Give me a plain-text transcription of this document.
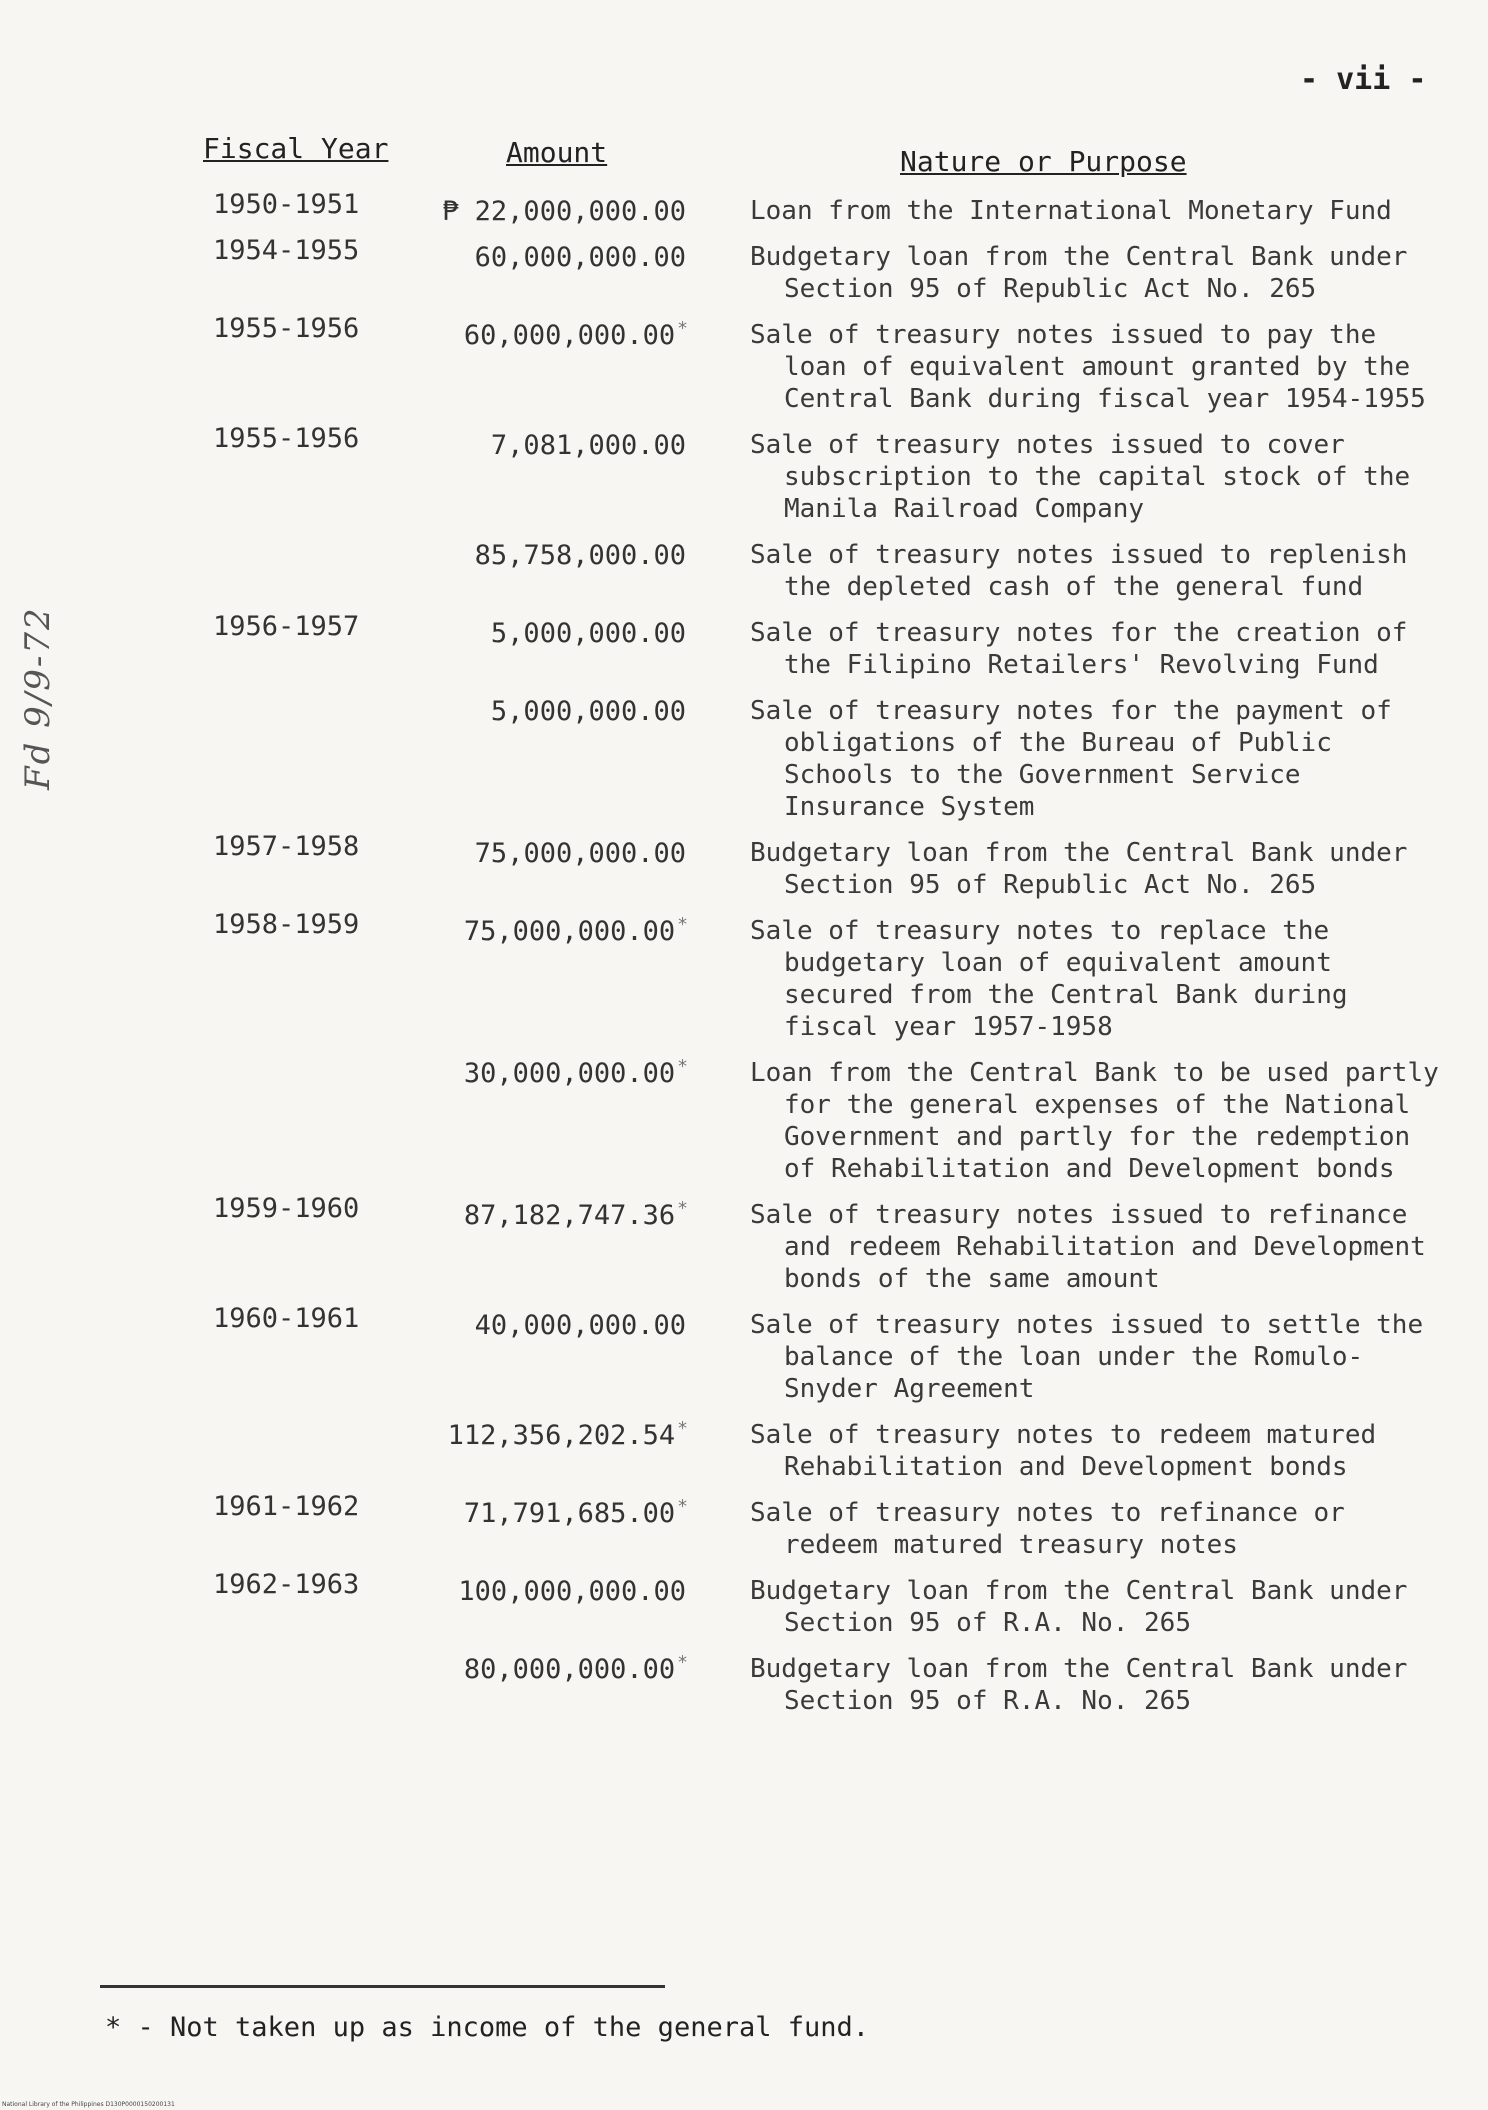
- vii -
Fd 9/9-72
Fiscal Year	Amount	Nature or Purpose
1950-1951	₱ 22,000,000.00 Loan from the International Monetary Fund
1954-1955	60,000,000.00 Budgetary loan from the Central Bank under Section 95 of Republic Act No. 265
1955-1956	60,000,000.00 * Sale of treasury notes issued to pay the loan of equivalent amount granted by the Central Bank during fiscal year 1954-1955
1955-1956	7,081,000.00 Sale of treasury notes issued to cover subscription to the capital stock of the Manila Railroad Company
85,758,000.00 Sale of treasury notes issued to replenish the depleted cash of the general fund
1956-1957	5,000,000.00 Sale of treasury notes for the creation of the Filipino Retailers' Revolving Fund
5,000,000.00 Sale of treasury notes for the payment of obligations of the Bureau of Public Schools to the Government Service Insurance System
1957-1958	75,000,000.00 Budgetary loan from the Central Bank under Section 95 of Republic Act No. 265
1958-1959	75,000,000.00 * Sale of treasury notes to replace the budgetary loan of equivalent amount secured from the Central Bank during fiscal year 1957-1958
30,000,000.00 * Loan from the Central Bank to be used partly for the general expenses of the National Government and partly for the redemption of Rehabilitation and Development bonds
1959-1960	87,182,747.36 * Sale of treasury notes issued to refinance and redeem Rehabilitation and Development bonds of the same amount
1960-1961	40,000,000.00 Sale of treasury notes issued to settle the balance of the loan under the Romulo-Snyder Agreement
112,356,202.54 * Sale of treasury notes to redeem matured Rehabilitation and Development bonds
1961-1962	71,791,685.00 * Sale of treasury notes to refinance or redeem matured treasury notes
1962-1963	100,000,000.00 Budgetary loan from the Central Bank under Section 95 of R.A. No. 265
80,000,000.00 * Budgetary loan from the Central Bank under Section 95 of R.A. No. 265
* - Not taken up as income of the general fund.
National Library of the Philippines D130P0000150200131
